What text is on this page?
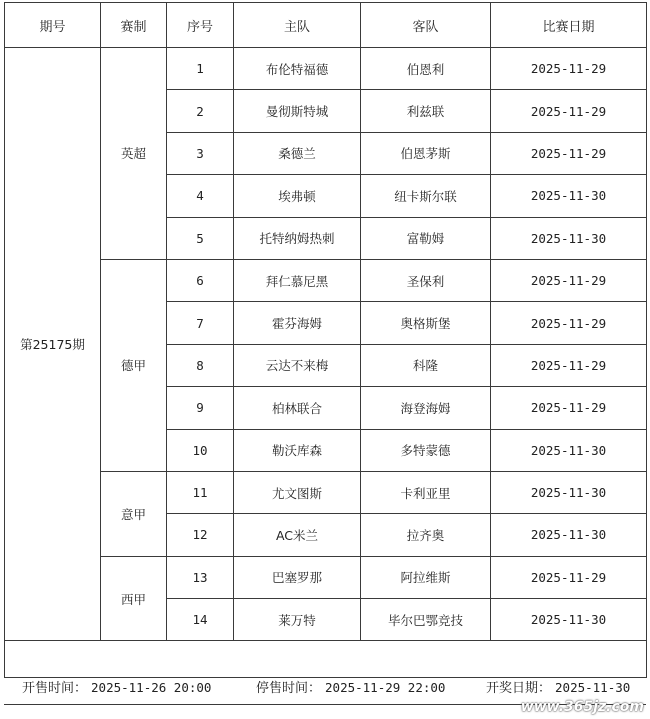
期号	赛制	序号	主队	客队	比赛日期
第25175期	英超	1	布伦特福德	伯恩利	2025-11-29
		2	曼彻斯特城	利兹联	2025-11-29
		3	桑德兰	伯恩茅斯	2025-11-29
		4	埃弗顿	纽卡斯尔联	2025-11-30
		5	托特纳姆热刺	富勒姆	2025-11-30
	德甲	6	拜仁慕尼黑	圣保利	2025-11-29
		7	霍芬海姆	奥格斯堡	2025-11-29
		8	云达不来梅	科隆	2025-11-29
		9	柏林联合	海登海姆	2025-11-29
		10	勒沃库森	多特蒙德	2025-11-30
	意甲	11	尤文图斯	卡利亚里	2025-11-30
		12	AC米兰	拉齐奥	2025-11-30
	西甲	13	巴塞罗那	阿拉维斯	2025-11-29
		14	莱万特	毕尔巴鄂竞技	2025-11-30

开售时间： 2025-11-26 20:00	停售时间： 2025-11-29 22:00	开奖日期： 2025-11-30
www.365jz.com
